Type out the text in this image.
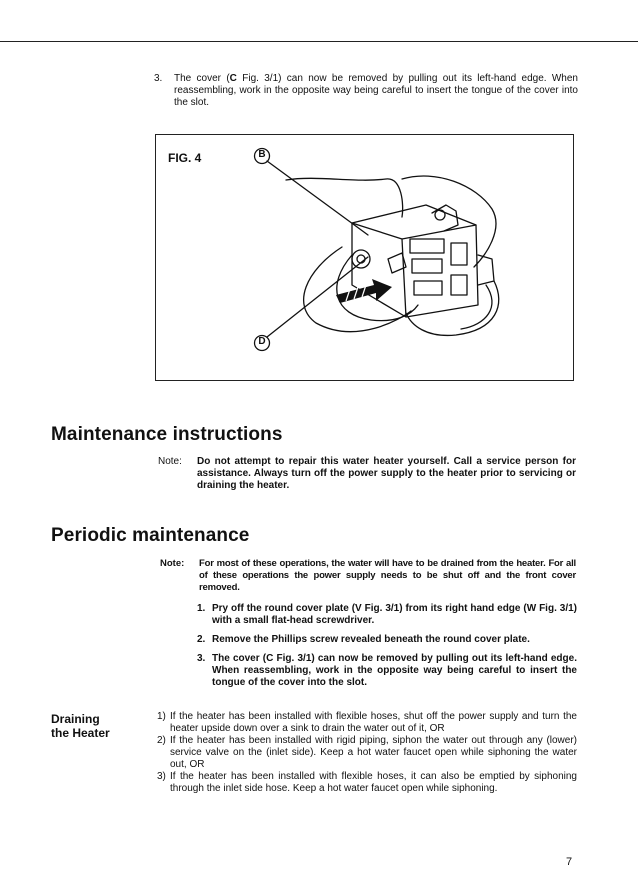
3. The cover (C Fig. 3/1) can now be removed by pulling out its left-hand edge. When reassembling, work in the opposite way being careful to insert the tongue of the cover into the slot.
FIG. 4	B
D
Maintenance instructions
Note: Do not attempt to repair this water heater yourself. Call a service person for assistance. Always turn off the power supply to the heater prior to servicing or draining the heater.
Periodic maintenance
Note: For most of these operations, the water will have to be drained from the heater. For all of these operations the power supply needs to be shut off and the front cover removed.
1. Pry off the round cover plate (V Fig. 3/1) from its right hand edge (W Fig. 3/1) with a small flat-head screwdriver.
2. Remove the Phillips screw revealed beneath the round cover plate.
3. The cover (C Fig. 3/1) can now be removed by pulling out its left-hand edge. When reassembling, work in the opposite way being careful to insert the tongue of the cover into the slot.
Draining
the Heater
1) If the heater has been installed with flexible hoses, shut off the power supply and turn the heater upside down over a sink to drain the water out of it, OR
2) If the heater has been installed with rigid piping, siphon the water out through any (lower) service valve on the (inlet side). Keep a hot water faucet open while siphoning the water out, OR
3) If the heater has been installed with flexible hoses, it can also be emptied by siphoning through the inlet side hose. Keep a hot water faucet open while siphoning.
7
